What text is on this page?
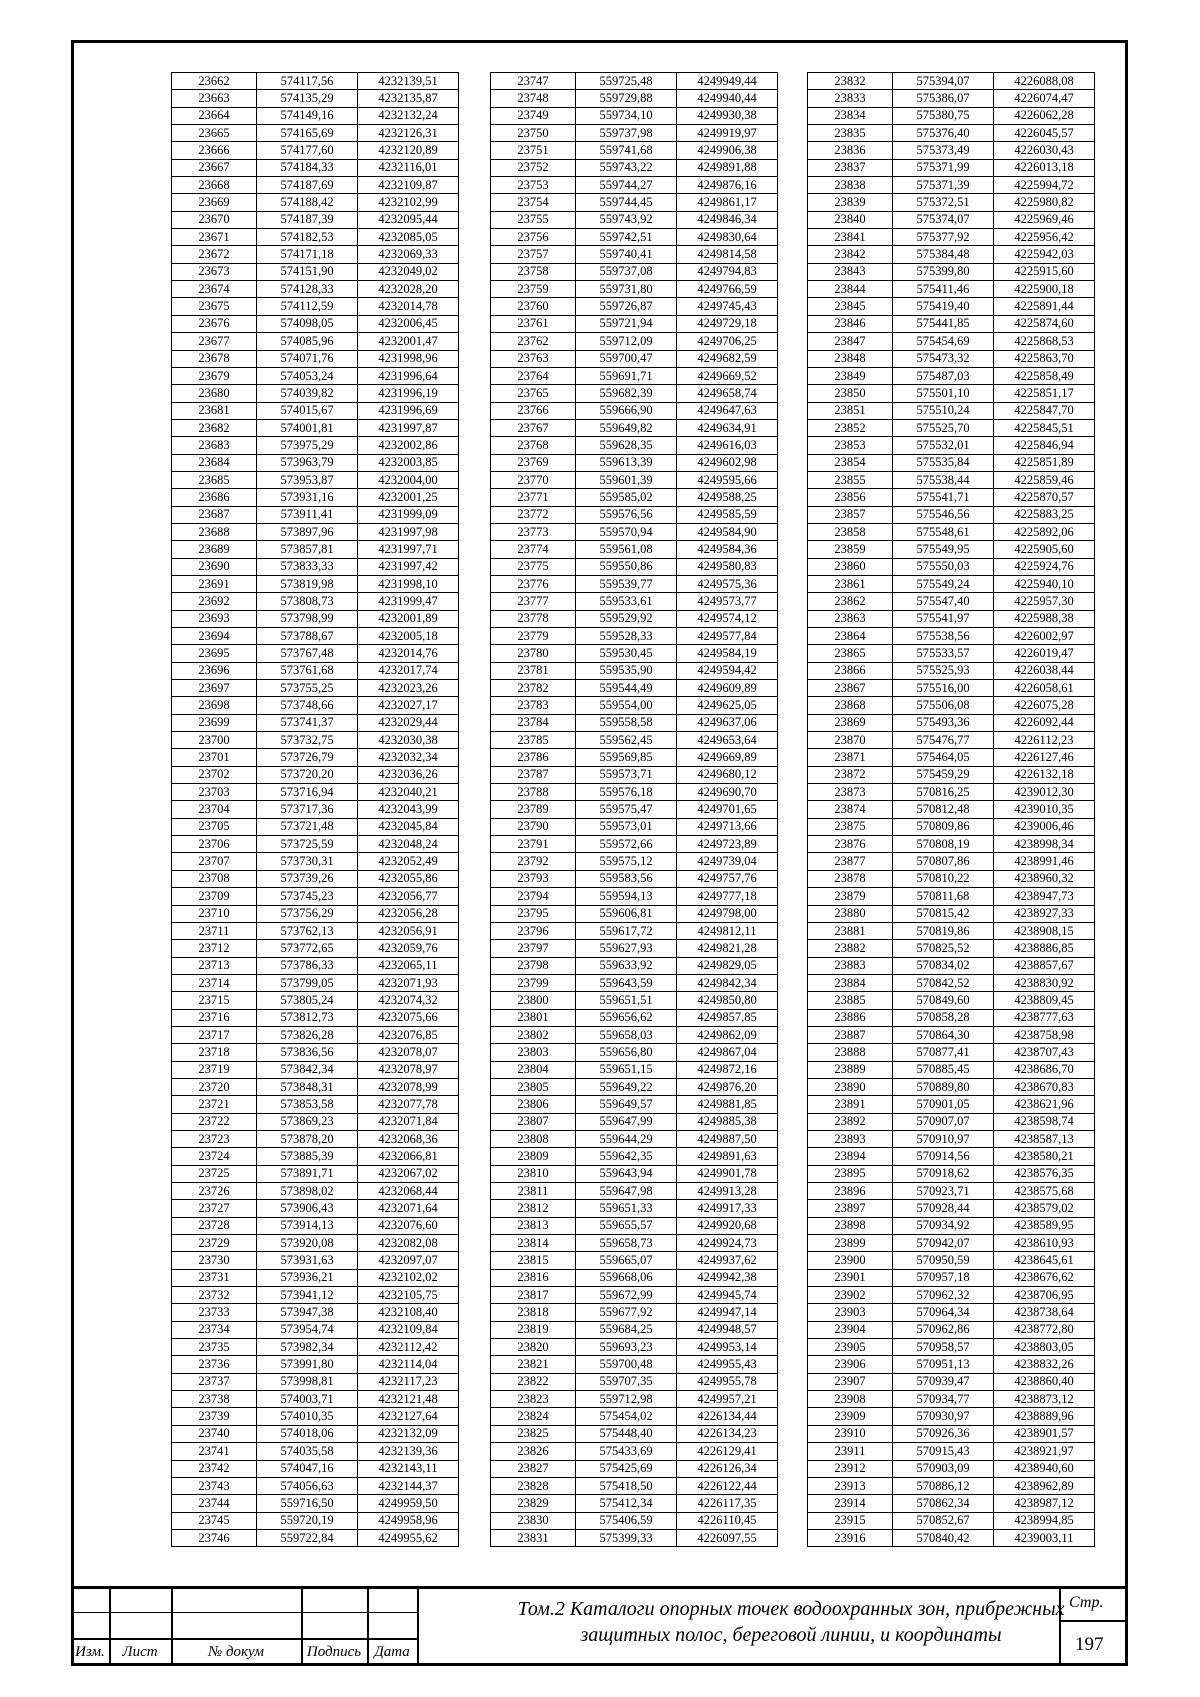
23662	574117,56	4232139,51
23663	574135,29	4232135,87
23664	574149,16	4232132,24
23665	574165,69	4232126,31
23666	574177,60	4232120,89
23667	574184,33	4232116,01
23668	574187,69	4232109,87
23669	574188,42	4232102,99
23670	574187,39	4232095,44
23671	574182,53	4232085,05
23672	574171,18	4232069,33
23673	574151,90	4232049,02
23674	574128,33	4232028,20
23675	574112,59	4232014,78
23676	574098,05	4232006,45
23677	574085,96	4232001,47
23678	574071,76	4231998,96
23679	574053,24	4231996,64
23680	574039,82	4231996,19
23681	574015,67	4231996,69
23682	574001,81	4231997,87
23683	573975,29	4232002,86
23684	573963,79	4232003,85
23685	573953,87	4232004,00
23686	573931,16	4232001,25
23687	573911,41	4231999,09
23688	573897,96	4231997,98
23689	573857,81	4231997,71
23690	573833,33	4231997,42
23691	573819,98	4231998,10
23692	573808,73	4231999,47
23693	573798,99	4232001,89
23694	573788,67	4232005,18
23695	573767,48	4232014,76
23696	573761,68	4232017,74
23697	573755,25	4232023,26
23698	573748,66	4232027,17
23699	573741,37	4232029,44
23700	573732,75	4232030,38
23701	573726,79	4232032,34
23702	573720,20	4232036,26
23703	573716,94	4232040,21
23704	573717,36	4232043,99
23705	573721,48	4232045,84
23706	573725,59	4232048,24
23707	573730,31	4232052,49
23708	573739,26	4232055,86
23709	573745,23	4232056,77
23710	573756,29	4232056,28
23711	573762,13	4232056,91
23712	573772,65	4232059,76
23713	573786,33	4232065,11
23714	573799,05	4232071,93
23715	573805,24	4232074,32
23716	573812,73	4232075,66
23717	573826,28	4232076,85
23718	573836,56	4232078,07
23719	573842,34	4232078,97
23720	573848,31	4232078,99
23721	573853,58	4232077,78
23722	573869,23	4232071,84
23723	573878,20	4232068,36
23724	573885,39	4232066,81
23725	573891,71	4232067,02
23726	573898,02	4232068,44
23727	573906,43	4232071,64
23728	573914,13	4232076,60
23729	573920,08	4232082,08
23730	573931,63	4232097,07
23731	573936,21	4232102,02
23732	573941,12	4232105,75
23733	573947,38	4232108,40
23734	573954,74	4232109,84
23735	573982,34	4232112,42
23736	573991,80	4232114,04
23737	573998,81	4232117,23
23738	574003,71	4232121,48
23739	574010,35	4232127,64
23740	574018,06	4232132,09
23741	574035,58	4232139,36
23742	574047,16	4232143,11
23743	574056,63	4232144,37
23744	559716,50	4249959,50
23745	559720,19	4249958,96
23746	559722,84	4249955,62
23747	559725,48	4249949,44
23748	559729,88	4249940,44
23749	559734,10	4249930,38
23750	559737,98	4249919,97
23751	559741,68	4249906,38
23752	559743,22	4249891,88
23753	559744,27	4249876,16
23754	559744,45	4249861,17
23755	559743,92	4249846,34
23756	559742,51	4249830,64
23757	559740,41	4249814,58
23758	559737,08	4249794,83
23759	559731,80	4249766,59
23760	559726,87	4249745,43
23761	559721,94	4249729,18
23762	559712,09	4249706,25
23763	559700,47	4249682,59
23764	559691,71	4249669,52
23765	559682,39	4249658,74
23766	559666,90	4249647,63
23767	559649,82	4249634,91
23768	559628,35	4249616,03
23769	559613,39	4249602,98
23770	559601,39	4249595,66
23771	559585,02	4249588,25
23772	559576,56	4249585,59
23773	559570,94	4249584,90
23774	559561,08	4249584,36
23775	559550,86	4249580,83
23776	559539,77	4249575,36
23777	559533,61	4249573,77
23778	559529,92	4249574,12
23779	559528,33	4249577,84
23780	559530,45	4249584,19
23781	559535,90	4249594,42
23782	559544,49	4249609,89
23783	559554,00	4249625,05
23784	559558,58	4249637,06
23785	559562,45	4249653,64
23786	559569,85	4249669,89
23787	559573,71	4249680,12
23788	559576,18	4249690,70
23789	559575,47	4249701,65
23790	559573,01	4249713,66
23791	559572,66	4249723,89
23792	559575,12	4249739,04
23793	559583,56	4249757,76
23794	559594,13	4249777,18
23795	559606,81	4249798,00
23796	559617,72	4249812,11
23797	559627,93	4249821,28
23798	559633,92	4249829,05
23799	559643,59	4249842,34
23800	559651,51	4249850,80
23801	559656,62	4249857,85
23802	559658,03	4249862,09
23803	559656,80	4249867,04
23804	559651,15	4249872,16
23805	559649,22	4249876,20
23806	559649,57	4249881,85
23807	559647,99	4249885,38
23808	559644,29	4249887,50
23809	559642,35	4249891,63
23810	559643,94	4249901,78
23811	559647,98	4249913,28
23812	559651,33	4249917,33
23813	559655,57	4249920,68
23814	559658,73	4249924,73
23815	559665,07	4249937,62
23816	559668,06	4249942,38
23817	559672,99	4249945,74
23818	559677,92	4249947,14
23819	559684,25	4249948,57
23820	559693,23	4249953,14
23821	559700,48	4249955,43
23822	559707,35	4249955,78
23823	559712,98	4249957,21
23824	575454,02	4226134,44
23825	575448,40	4226134,23
23826	575433,69	4226129,41
23827	575425,69	4226126,34
23828	575418,50	4226122,44
23829	575412,34	4226117,35
23830	575406,59	4226110,45
23831	575399,33	4226097,55
23832	575394,07	4226088,08
23833	575386,07	4226074,47
23834	575380,75	4226062,28
23835	575376,40	4226045,57
23836	575373,49	4226030,43
23837	575371,99	4226013,18
23838	575371,39	4225994,72
23839	575372,51	4225980,82
23840	575374,07	4225969,46
23841	575377,92	4225956,42
23842	575384,48	4225942,03
23843	575399,80	4225915,60
23844	575411,46	4225900,18
23845	575419,40	4225891,44
23846	575441,85	4225874,60
23847	575454,69	4225868,53
23848	575473,32	4225863,70
23849	575487,03	4225858,49
23850	575501,10	4225851,17
23851	575510,24	4225847,70
23852	575525,70	4225845,51
23853	575532,01	4225846,94
23854	575535,84	4225851,89
23855	575538,44	4225859,46
23856	575541,71	4225870,57
23857	575546,56	4225883,25
23858	575548,61	4225892,06
23859	575549,95	4225905,60
23860	575550,03	4225924,76
23861	575549,24	4225940,10
23862	575547,40	4225957,30
23863	575541,97	4225988,38
23864	575538,56	4226002,97
23865	575533,57	4226019,47
23866	575525,93	4226038,44
23867	575516,00	4226058,61
23868	575506,08	4226075,28
23869	575493,36	4226092,44
23870	575476,77	4226112,23
23871	575464,05	4226127,46
23872	575459,29	4226132,18
23873	570816,25	4239012,30
23874	570812,48	4239010,35
23875	570809,86	4239006,46
23876	570808,19	4238998,34
23877	570807,86	4238991,46
23878	570810,22	4238960,32
23879	570811,68	4238947,73
23880	570815,42	4238927,33
23881	570819,86	4238908,15
23882	570825,52	4238886,85
23883	570834,02	4238857,67
23884	570842,52	4238830,92
23885	570849,60	4238809,45
23886	570858,28	4238777,63
23887	570864,30	4238758,98
23888	570877,41	4238707,43
23889	570885,45	4238686,70
23890	570889,80	4238670,83
23891	570901,05	4238621,96
23892	570907,07	4238598,74
23893	570910,97	4238587,13
23894	570914,56	4238580,21
23895	570918,62	4238576,35
23896	570923,71	4238575,68
23897	570928,44	4238579,02
23898	570934,92	4238589,95
23899	570942,07	4238610,93
23900	570950,59	4238645,61
23901	570957,18	4238676,62
23902	570962,32	4238706,95
23903	570964,34	4238738,64
23904	570962,86	4238772,80
23905	570958,57	4238803,05
23906	570951,13	4238832,26
23907	570939,47	4238860,40
23908	570934,77	4238873,12
23909	570930,97	4238889,96
23910	570926,36	4238901,57
23911	570915,43	4238921,97
23912	570903,09	4238940,60
23913	570886,12	4238962,89
23914	570862,34	4238987,12
23915	570852,67	4238994,85
23916	570840,42	4239003,11
Изм.	Лист	№ докум	Подпись Дата
Том.2 Каталоги опорных точек водоохранных зон, прибрежных защитных полос, береговой линии, и координаты
Стр.
197
